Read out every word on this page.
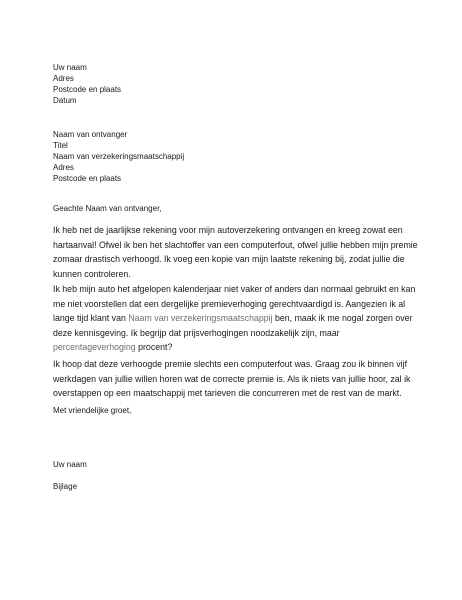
Uw naam
Adres
Postcode en plaats
Datum
Naam van ontvanger
Titel
Naam van verzekeringsmaatschappij
Adres
Postcode en plaats
Geachte Naam van ontvanger,

Ik heb net de jaarlijkse rekening voor mijn autoverzekering ontvangen en kreeg zowat een hartaanval! Ofwel ik ben het slachtoffer van een computerfout, ofwel jullie hebben mijn premie zomaar drastisch verhoogd. Ik voeg een kopie van mijn laatste rekening bij, zodat jullie die kunnen controleren.

Ik heb mijn auto het afgelopen kalenderjaar niet vaker of anders dan normaal gebruikt en kan me niet voorstellen dat een dergelijke premieverhoging gerechtvaardigd is. Aangezien ik al lange tijd klant van Naam van verzekeringsmaatschappij ben, maak ik me nogal zorgen over deze kennisgeving. Ik begrijp dat prijsverhogingen noodzakelijk zijn, maar percentageverhoging procent?

Ik hoop dat deze verhoogde premie slechts een computerfout was. Graag zou ik binnen vijf werkdagen van jullie willen horen wat de correcte premie is. Als ik niets van jullie hoor, zal ik overstappen op een maatschappij met tarieven die concurreren met de rest van de markt.

Met vriendelijke groet,
Uw naam
Bijlage
